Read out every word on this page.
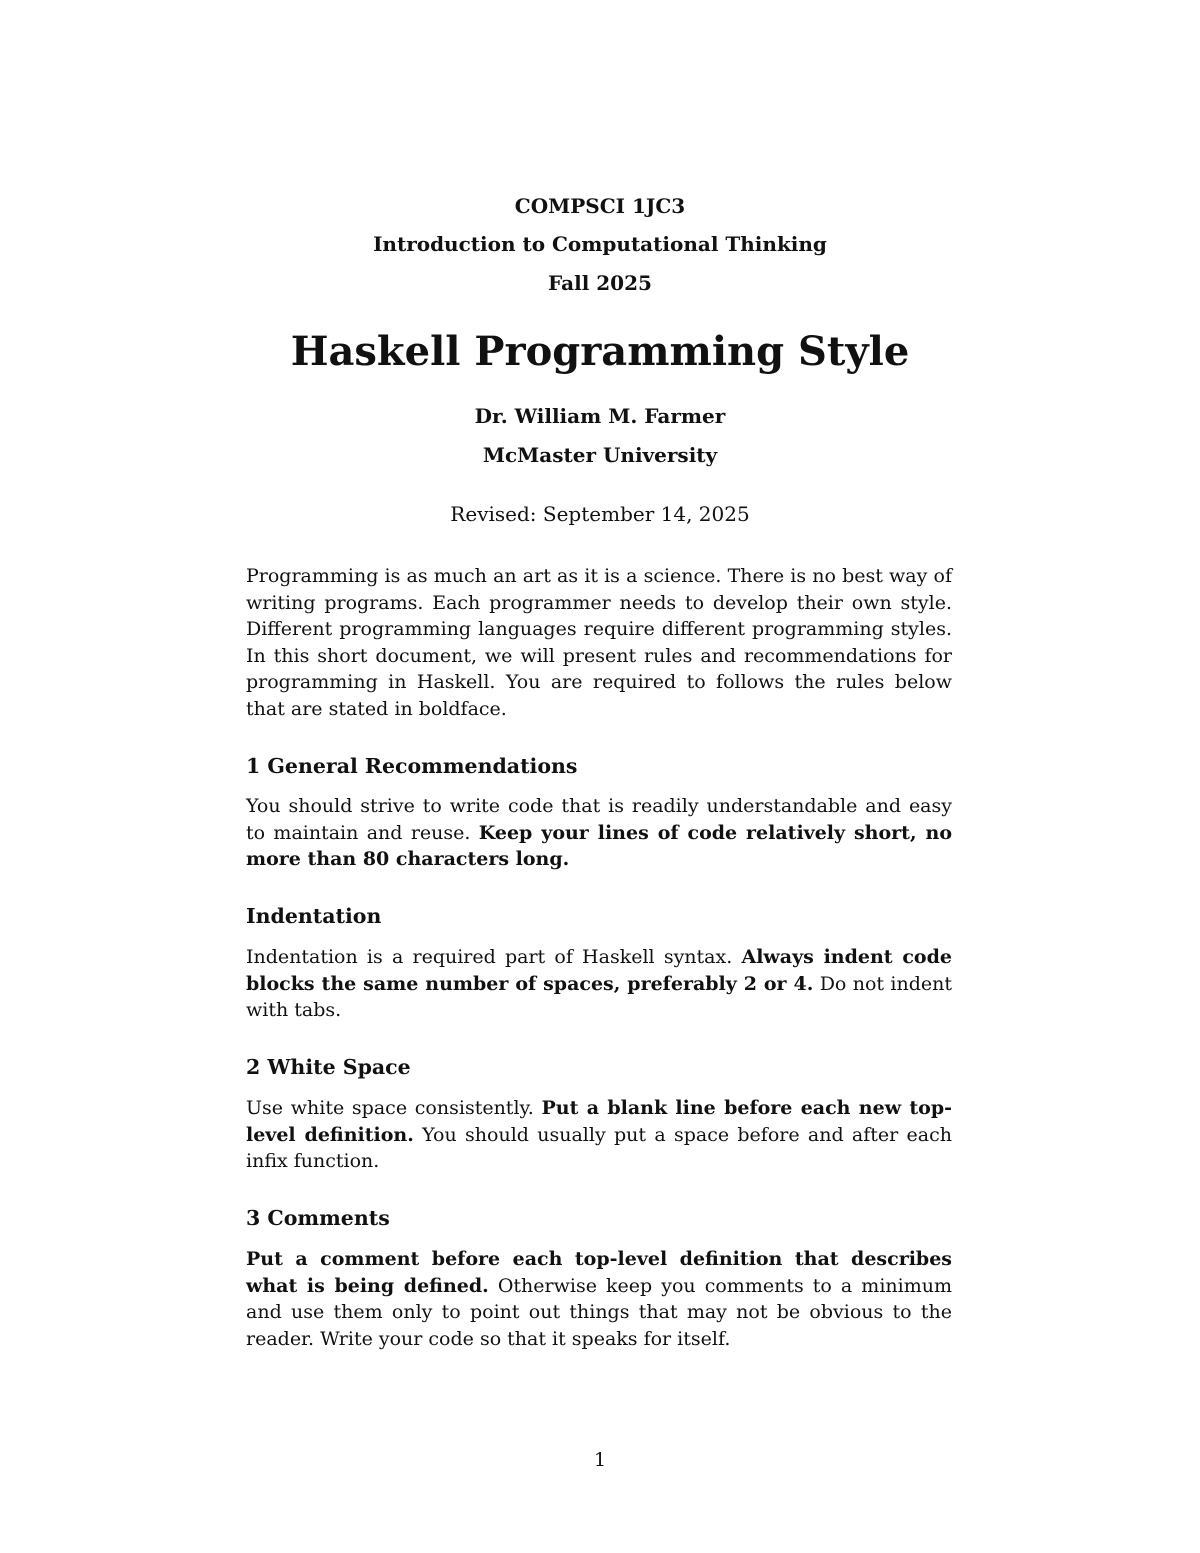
COMPSCI 1JC3
Introduction to Computational Thinking
Fall 2025
Haskell Programming Style
Dr. William M. Farmer
McMaster University
Revised: September 14, 2025

Programming is as much an art as it is a science. There is no best way of writing programs. Each programmer needs to develop their own style. Different programming languages require different programming styles. In this short document, we will present rules and recommendations for programming in Haskell. You are required to follows the rules below that are stated in boldface.

1 General Recommendations

You should strive to write code that is readily understandable and easy to maintain and reuse. Keep your lines of code relatively short, no more than 80 characters long.

Indentation

Indentation is a required part of Haskell syntax. Always indent code blocks the same number of spaces, preferably 2 or 4. Do not indent with tabs.

2 White Space

Use white space consistently. Put a blank line before each new top-level definition. You should usually put a space before and after each infix function.

3 Comments

Put a comment before each top-level definition that describes what is being defined. Otherwise keep you comments to a minimum and use them only to point out things that may not be obvious to the reader. Write your code so that it speaks for itself.

1
